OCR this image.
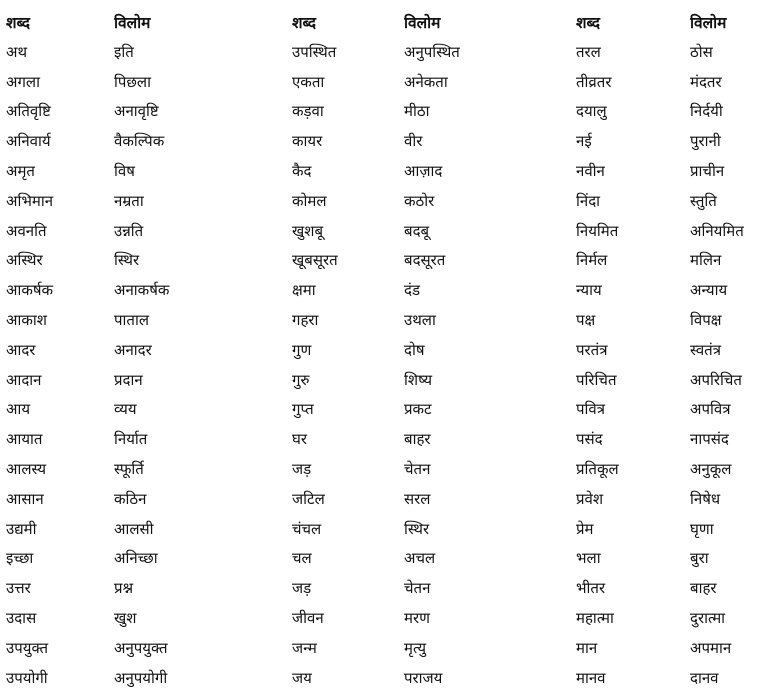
शब्द	विलोम	शब्द	विलोम	शब्द	विलोम
अथ	इति	उपस्थित	अनुपस्थित	तरल	ठोस
अगला	पिछला	एकता	अनेकता	तीव्रतर	मंदतर
अतिवृष्टि	अनावृष्टि	कड़वा	मीठा	दयालु	निर्दयी
अनिवार्य	वैकल्पिक	कायर	वीर	नई	पुरानी
अमृत	विष	कैद	आज़ाद	नवीन	प्राचीन
अभिमान	नम्रता	कोमल	कठोर	निंदा	स्तुति
अवनति	उन्नति	खुशबू	बदबू	नियमित	अनियमित
अस्थिर	स्थिर	खूबसूरत	बदसूरत	निर्मल	मलिन
आकर्षक	अनाकर्षक	क्षमा	दंड	न्याय	अन्याय
आकाश	पाताल	गहरा	उथला	पक्ष	विपक्ष
आदर	अनादर	गुण	दोष	परतंत्र	स्वतंत्र
आदान	प्रदान	गुरु	शिष्य	परिचित	अपरिचित
आय	व्यय	गुप्त	प्रकट	पवित्र	अपवित्र
आयात	निर्यात	घर	बाहर	पसंद	नापसंद
आलस्य	स्फूर्ति	जड़	चेतन	प्रतिकूल	अनुकूल
आसान	कठिन	जटिल	सरल	प्रवेश	निषेध
उद्यमी	आलसी	चंचल	स्थिर	प्रेम	घृणा
इच्छा	अनिच्छा	चल	अचल	भला	बुरा
उत्तर	प्रश्न	जड़	चेतन	भीतर	बाहर
उदास	खुश	जीवन	मरण	महात्मा	दुरात्मा
उपयुक्त	अनुपयुक्त	जन्म	मृत्यु	मान	अपमान
उपयोगी	अनुपयोगी	जय	पराजय	मानव	दानव
